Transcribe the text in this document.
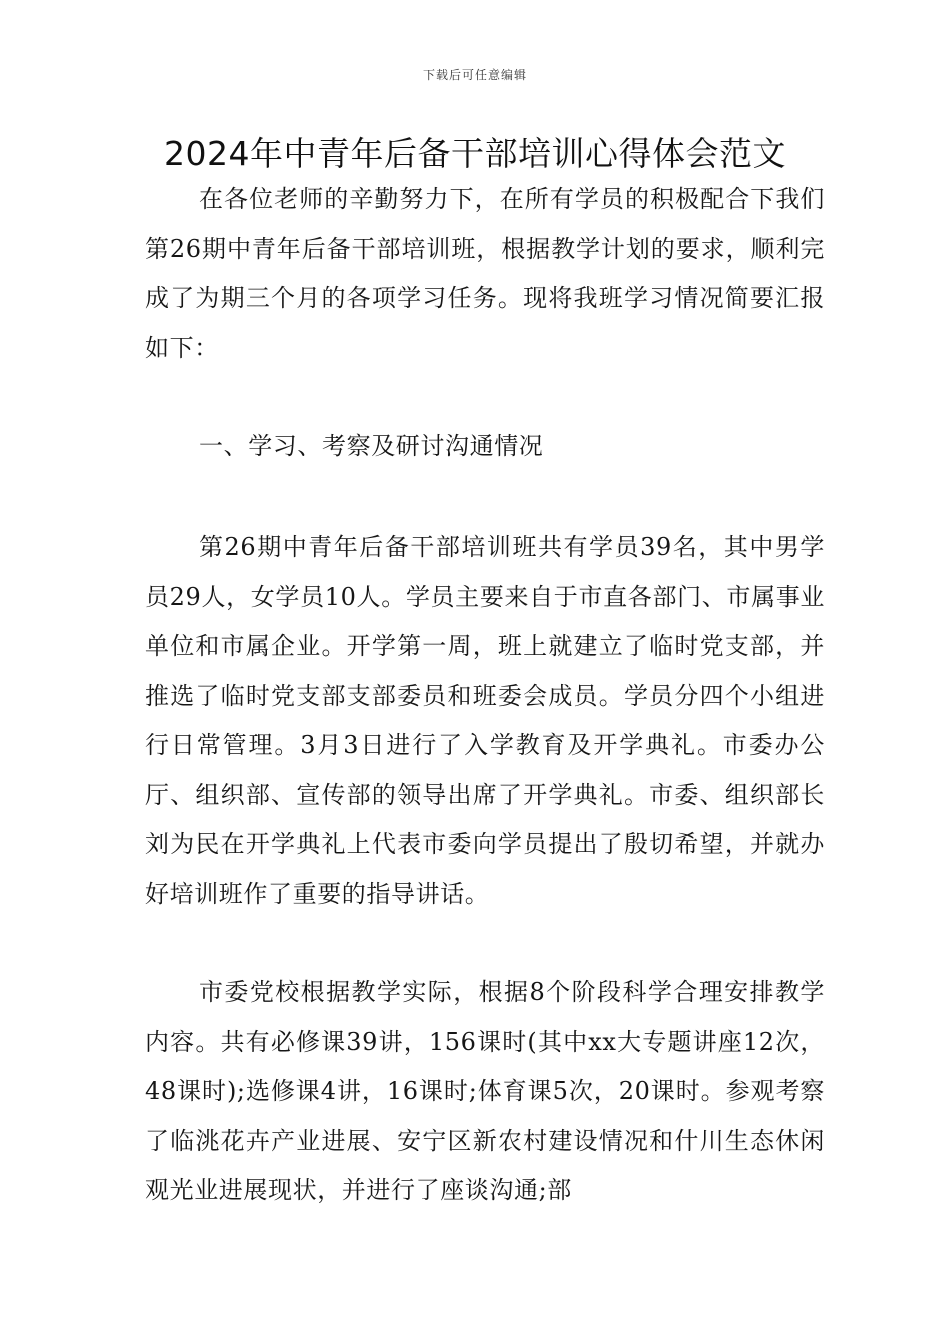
下载后可任意编辑
2024年中青年后备干部培训心得体会范文

在各位老师的辛勤努力下，在所有学员的积极配合下我们第26期中青年后备干部培训班，根据教学计划的要求，顺利完成了为期三个月的各项学习任务。现将我班学习情况简要汇报如下：

一、学习、考察及研讨沟通情况

第26期中青年后备干部培训班共有学员39名，其中男学员29人，女学员10人。学员主要来自于市直各部门、市属事业单位和市属企业。开学第一周，班上就建立了临时党支部，并推选了临时党支部支部委员和班委会成员。学员分四个小组进行日常管理。3月3日进行了入学教育及开学典礼。市委办公厅、组织部、宣传部的领导出席了开学典礼。市委、组织部长刘为民在开学典礼上代表市委向学员提出了殷切希望，并就办好培训班作了重要的指导讲话。

市委党校根据教学实际，根据8个阶段科学合理安排教学内容。共有必修课39讲，156课时(其中xx大专题讲座12次，48课时);选修课4讲，16课时;体育课5次，20课时。参观考察了临洮花卉产业进展、安宁区新农村建设情况和什川生态休闲观光业进展现状，并进行了座谈沟通;部
